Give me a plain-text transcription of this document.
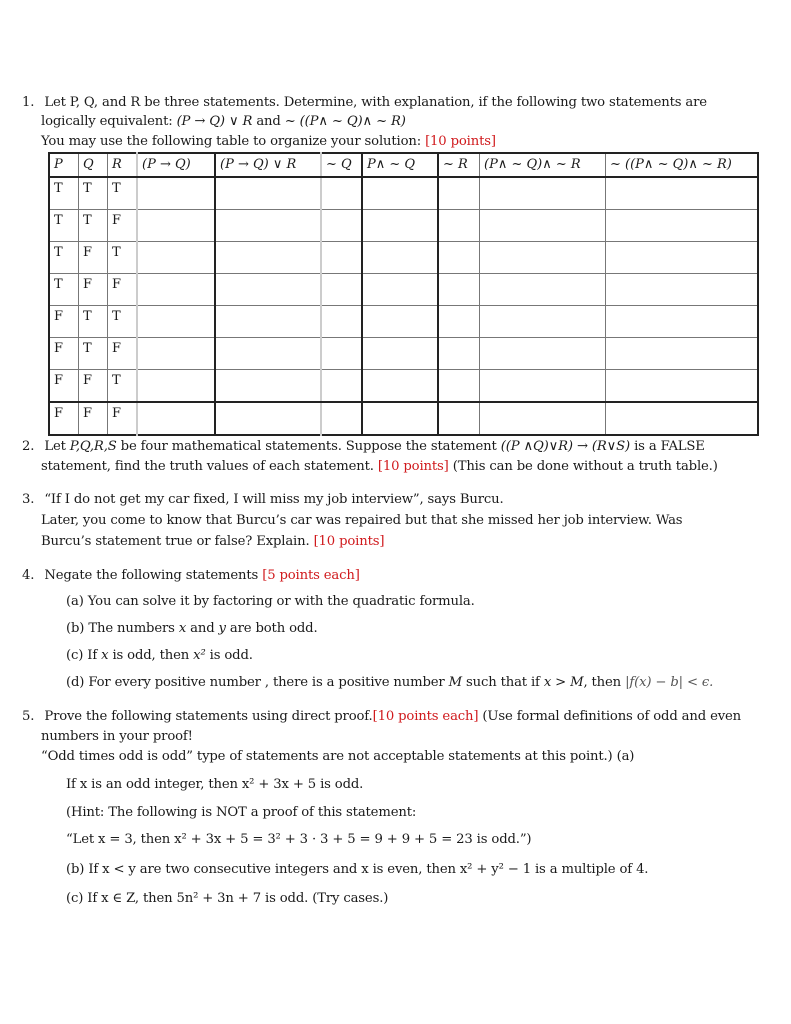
1. Let P, Q, and R be three statements. Determine, with explanation, if the following two statements are
logically equivalent: (P → Q) ∨ R and ~ ((P∧ ~ Q)∧ ~ R)
You may use the following table to organize your solution: [10 points]
P	Q	R	(P → Q)	(P → Q) ∨ R	~ Q	P∧ ~ Q	~ R	(P∧ ~ Q)∧ ~ R	~ ((P∧ ~ Q)∧ ~ R)
T	T	T							
T	T	F							
T	F	T							
T	F	F							
F	T	T							
F	T	F							
F	F	T							
F	F	F							
2. Let P,Q,R,S be four mathematical statements. Suppose the statement ((P ∧Q)∨R) → (R∨S) is a FALSE
statement, find the truth values of each statement. [10 points] (This can be done without a truth table.)
3. “If I do not get my car fixed, I will miss my job interview”, says Burcu.
Later, you come to know that Burcu’s car was repaired but that she missed her job interview. Was
Burcu’s statement true or false? Explain. [10 points]
4. Negate the following statements [5 points each]
(a) You can solve it by factoring or with the quadratic formula.
(b) The numbers x and y are both odd.
(c) If x is odd, then x² is odd.
(d) For every positive number , there is a positive number M such that if x > M, then |f(x) − b| < ϵ.
5. Prove the following statements using direct proof.[10 points each] (Use formal definitions of odd and even
numbers in your proof!
“Odd times odd is odd” type of statements are not acceptable statements at this point.) (a)
If x is an odd integer, then x² + 3x + 5 is odd.
(Hint: The following is NOT a proof of this statement:
“Let x = 3, then x² + 3x + 5 = 3² + 3 · 3 + 5 = 9 + 9 + 5 = 23 is odd.”)
(b) If x < y are two consecutive integers and x is even, then x² + y² − 1 is a multiple of 4.
(c) If x ∈ Z, then 5n² + 3n + 7 is odd. (Try cases.)
